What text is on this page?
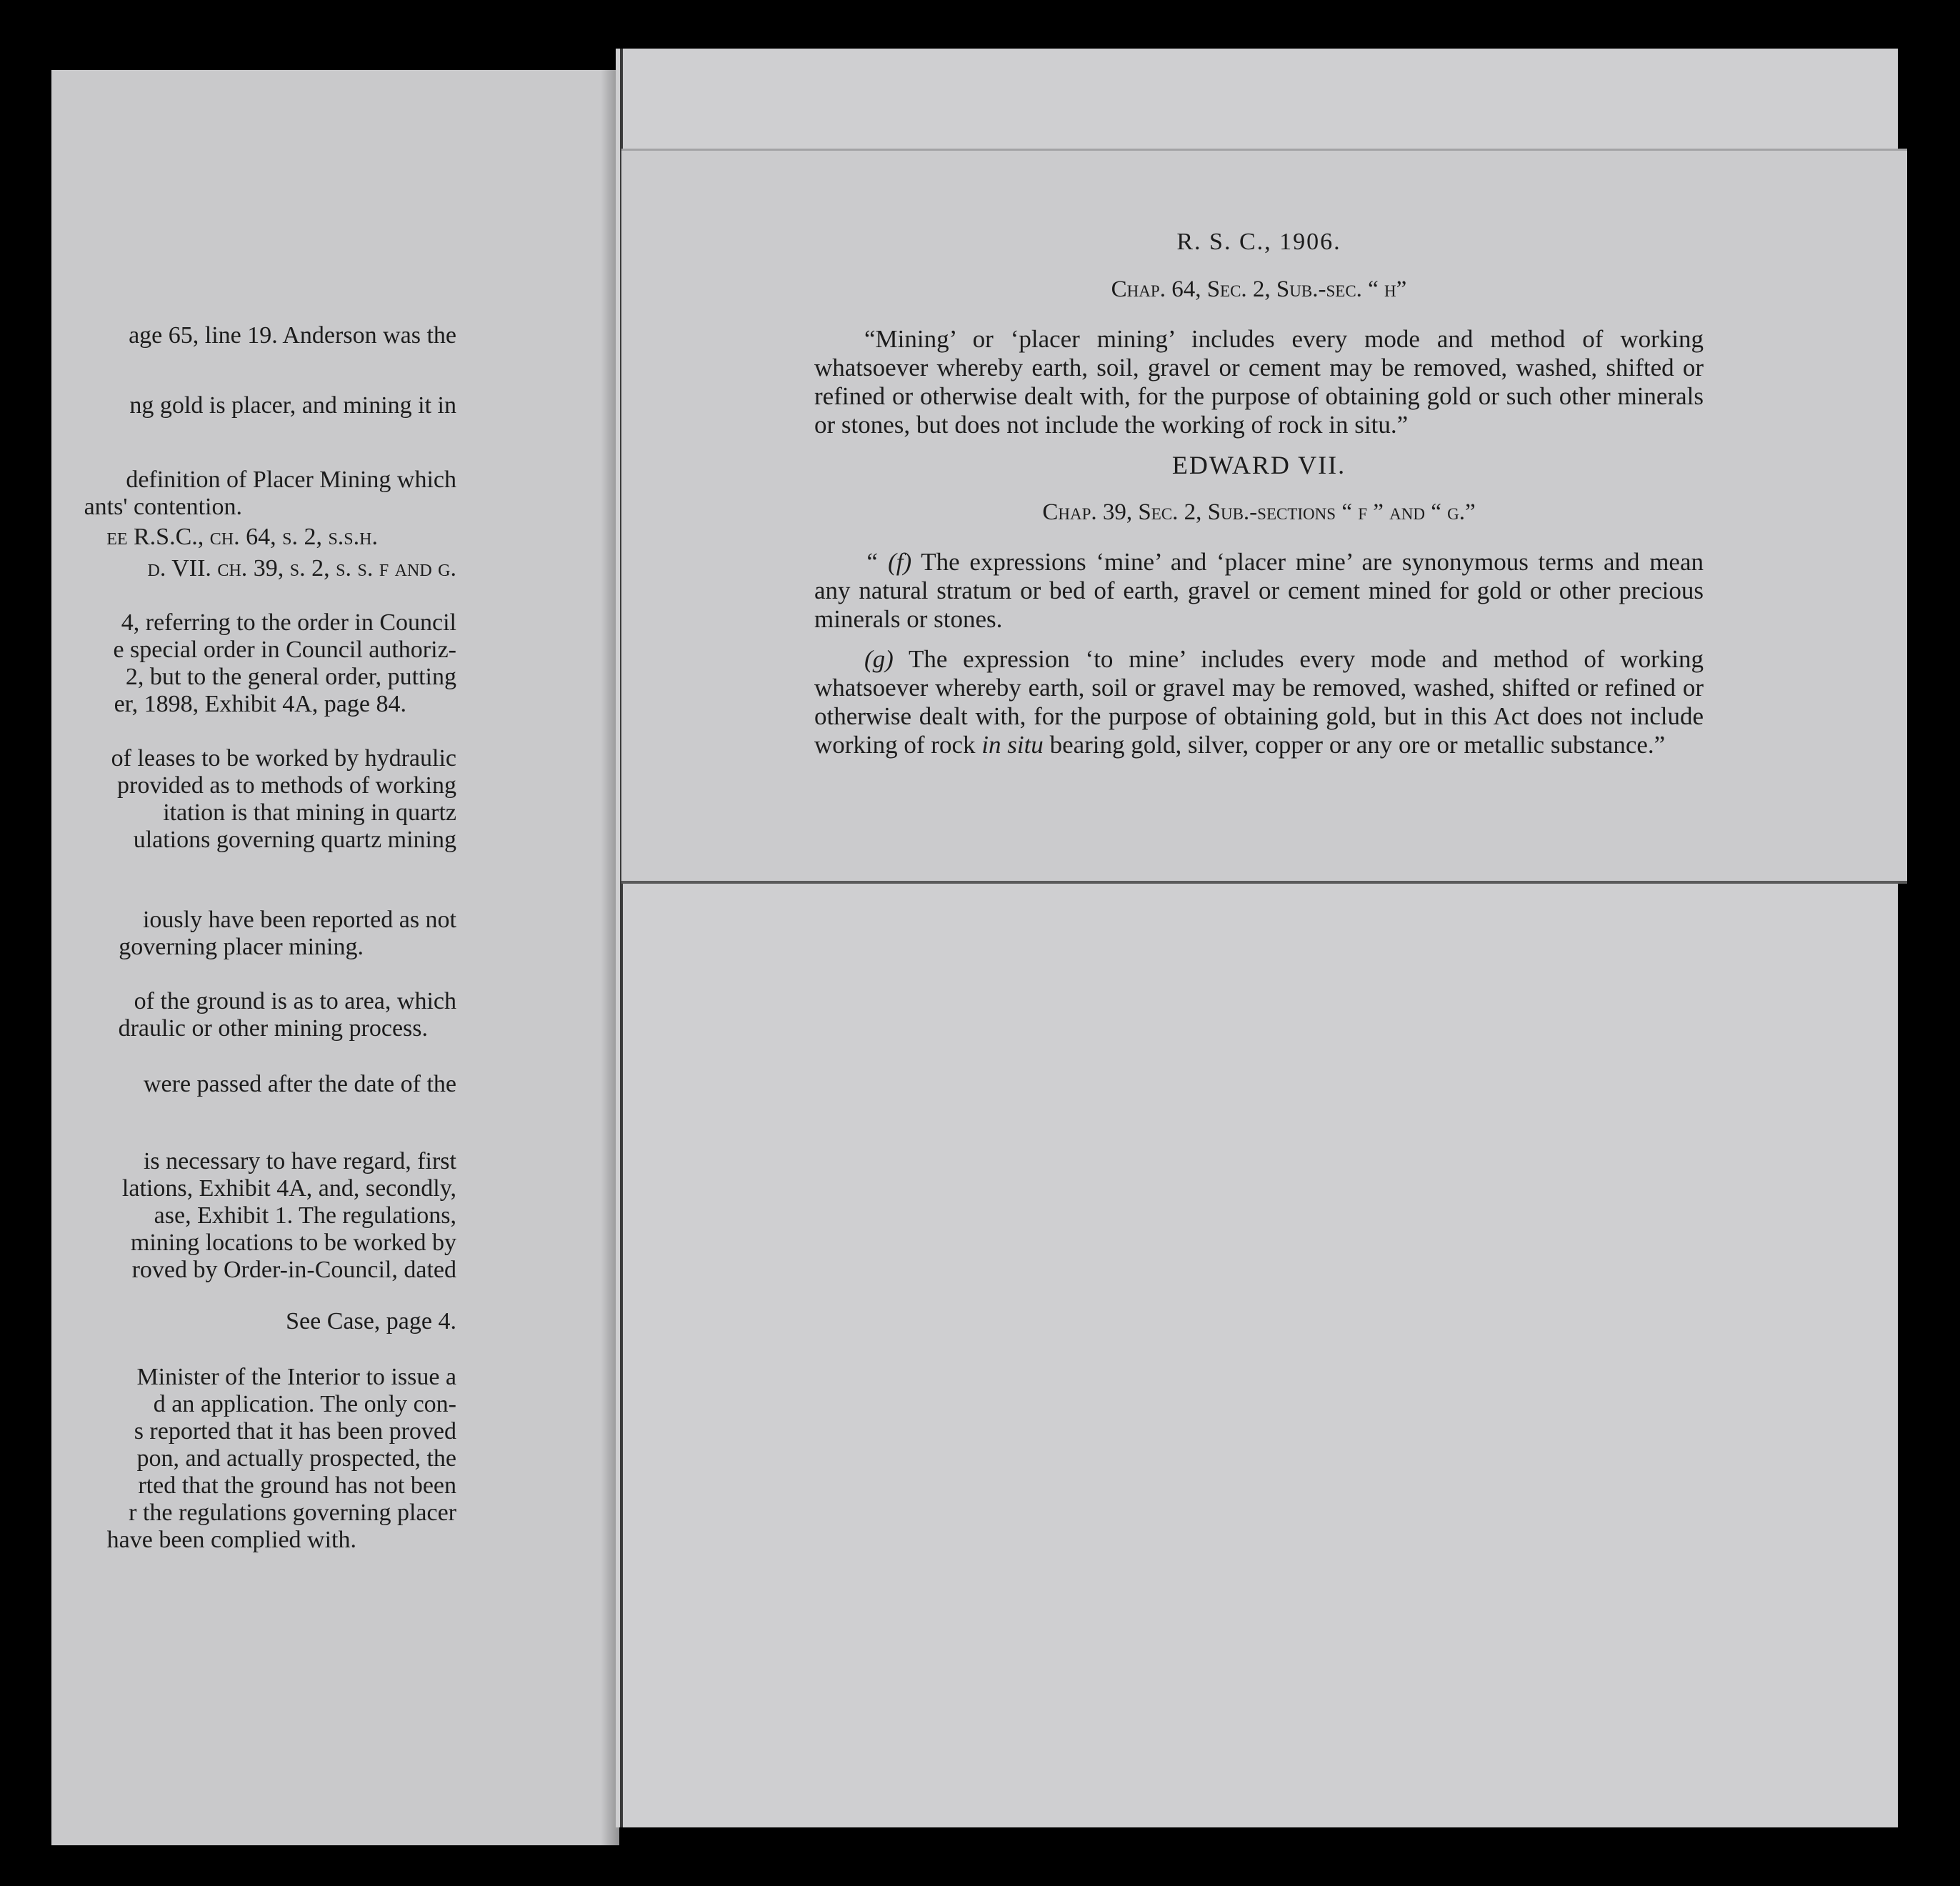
age 65, line 19. Anderson was the
ng gold is placer, and mining it in
definition of Placer Mining which
ants' contention.
ee R.S.C., ch. 64, s. 2, s.s.h.
d. VII. ch. 39, s. 2, s. s. f and g.
4, referring to the order in Council
e special order in Council authoriz-
2, but to the general order, putting
er, 1898, Exhibit 4A, page 84.
of leases to be worked by hydraulic
provided as to methods of working
itation is that mining in quartz
ulations governing quartz mining
iously have been reported as not
governing placer mining.
of the ground is as to area, which
draulic or other mining process.
were passed after the date of the
is necessary to have regard, first
lations, Exhibit 4A, and, secondly,
ase, Exhibit 1. The regulations,
mining locations to be worked by
roved by Order-in-Council, dated
See Case, page 4.
Minister of the Interior to issue a
d an application. The only con-
s reported that it has been proved
pon, and actually prospected, the
rted that the ground has not been
r the regulations governing placer
have been complied with.

R. S. C., 1906.

Chap. 64, Sec. 2, Sub.-sec. “ h”

“Mining’ or ‘placer mining’ includes every mode and method of working whatsoever whereby earth, soil, gravel or cement may be removed, washed, shifted or refined or otherwise dealt with, for the purpose of obtaining gold or such other minerals or stones, but does not include the working of rock in situ.”

EDWARD VII.

Chap. 39, Sec. 2, Sub.-sections “ f ” and “ g.”

“ (f) The expressions ‘mine’ and ‘placer mine’ are synonymous terms and mean any natural stratum or bed of earth, gravel or cement mined for gold or other precious minerals or stones.

(g) The expression ‘to mine’ includes every mode and method of working whatsoever whereby earth, soil or gravel may be removed, washed, shifted or refined or otherwise dealt with, for the purpose of obtaining gold, but in this Act does not include working of rock in situ bearing gold, silver, copper or any ore or metallic substance.”
